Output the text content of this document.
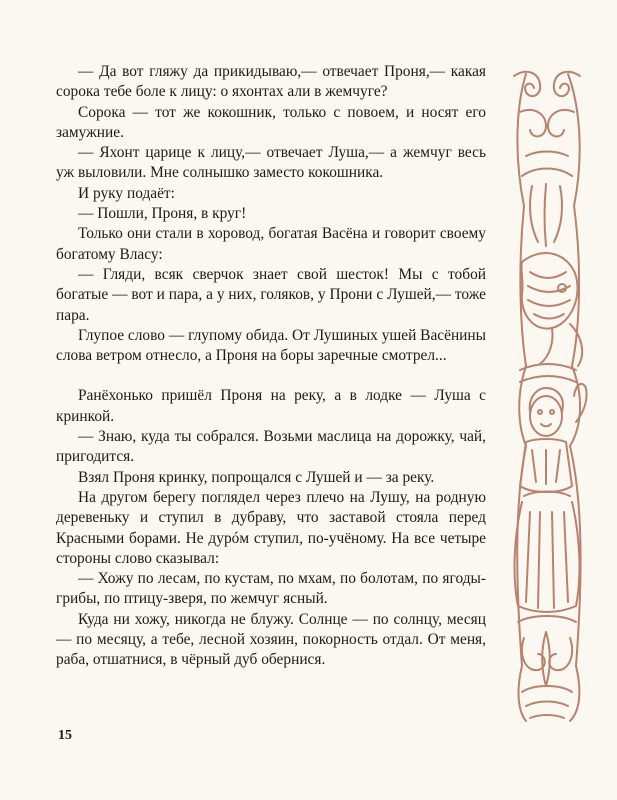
— Да вот гляжу да прикидываю,— отвечает Проня,— какая сорока тебе боле к лицу: о яхонтах али в жемчуге?

Сорока — тот же кокошник, только с повоем, и носят его замужние.

— Яхонт царице к лицу,— отвечает Луша,— а жемчуг весь уж выловили. Мне солнышко заместо кокошника.

И руку подаёт:

— Пошли, Проня, в круг!

Только они стали в хоровод, богатая Васёна и говорит своему богатому Власу:

— Гляди, всяк сверчок знает свой шесток! Мы с тобой богатые — вот и пара, а у них, голяков, у Прони с Лушей,— тоже пара.

Глупое слово — глупому обида. От Лушиных ушей Васёнины слова ветром отнесло, а Проня на боры заречные смотрел...

Ранёхонько пришёл Проня на реку, а в лодке — Луша с кринкой.

— Знаю, куда ты собрался. Возьми маслица на дорожку, чай, пригодится.

Взял Проня кринку, попрощался с Лушей и — за реку.

На другом берегу поглядел через плечо на Лушу, на родную деревеньку и ступил в дубраву, что заставой стояла перед Красными борами. Не дурóм ступил, по-учёному. На все четыре стороны слово сказывал:

— Хожу по лесам, по кустам, по мхам, по болотам, по ягоды-грибы, по птицу-зверя, по жемчуг ясный.

Куда ни хожу, никогда не блужу. Солнце — по солнцу, месяц — по месяцу, а тебе, лесной хозяин, покорность отдал. От меня, раба, отшатнися, в чёрный дуб обернися.

15
